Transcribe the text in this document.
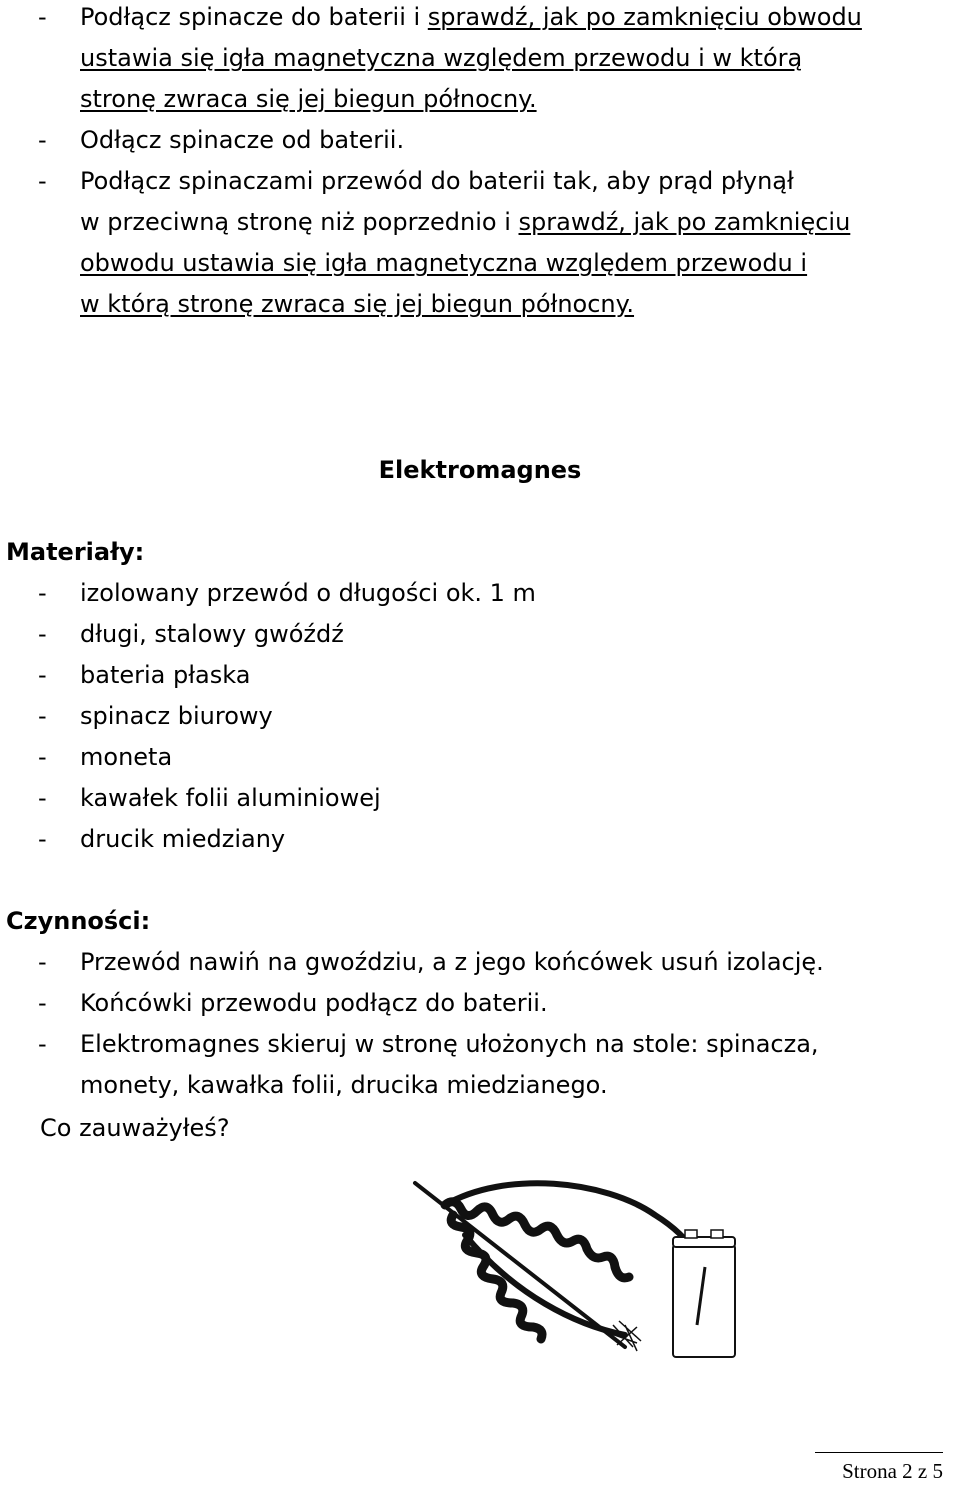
- Podłącz spinacze do baterii i sprawdź, jak po zamknięciu obwodu
ustawia się igła magnetyczna względem przewodu i w którą
stronę zwraca się jej biegun północny.
- Odłącz spinacze od baterii.
- Podłącz spinaczami przewód do baterii tak, aby prąd płynął
w przeciwną stronę niż poprzednio i sprawdź, jak po zamknięciu
obwodu ustawia się igła magnetyczna względem przewodu i
w którą stronę zwraca się jej biegun północny.
Elektromagnes
Materiały:
- izolowany przewód o długości ok. 1 m
- długi, stalowy gwóźdź
- bateria płaska
- spinacz biurowy
- moneta
- kawałek folii aluminiowej
- drucik miedziany
Czynności:
- Przewód nawiń na gwoździu, a z jego końcówek usuń izolację.
- Końcówki przewodu podłącz do baterii.
- Elektromagnes skieruj w stronę ułożonych na stole: spinacza,
monety, kawałka folii, drucika miedzianego.
Co zauważyłeś?
Strona 2 z 5
